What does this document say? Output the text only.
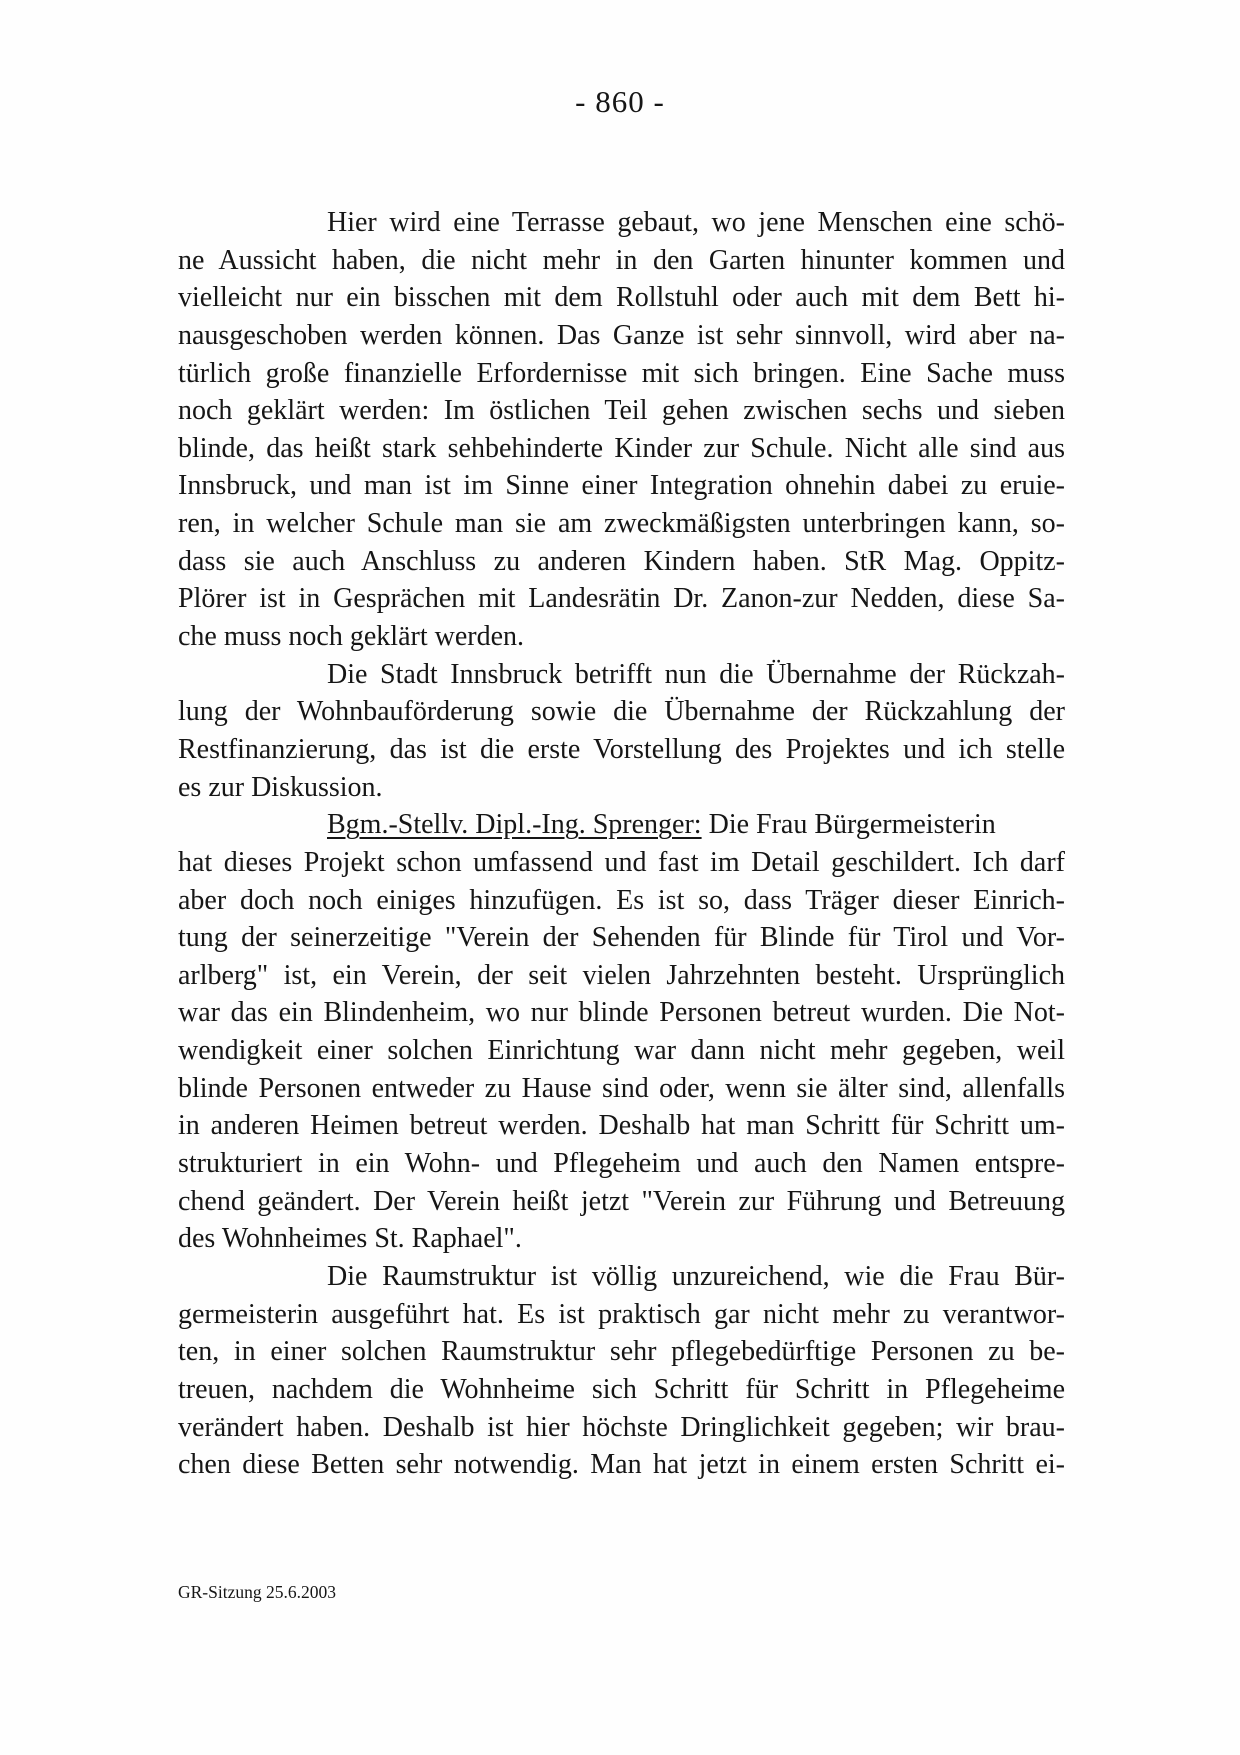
- 860 -
Hier wird eine Terrasse gebaut, wo jene Menschen eine schö-
ne Aussicht haben, die nicht mehr in den Garten hinunter kommen und
vielleicht nur ein bisschen mit dem Rollstuhl oder auch mit dem Bett hi-
nausgeschoben werden können. Das Ganze ist sehr sinnvoll, wird aber na-
türlich große finanzielle Erfordernisse mit sich bringen. Eine Sache muss
noch geklärt werden: Im östlichen Teil gehen zwischen sechs und sieben
blinde, das heißt stark sehbehinderte Kinder zur Schule. Nicht alle sind aus
Innsbruck, und man ist im Sinne einer Integration ohnehin dabei zu eruie-
ren, in welcher Schule man sie am zweckmäßigsten unterbringen kann, so-
dass sie auch Anschluss zu anderen Kindern haben. StR Mag. Oppitz-
Plörer ist in Gesprächen mit Landesrätin Dr. Zanon-zur Nedden, diese Sa-
che muss noch geklärt werden.
Die Stadt Innsbruck betrifft nun die Übernahme der Rückzah-
lung der Wohnbauförderung sowie die Übernahme der Rückzahlung der
Restfinanzierung, das ist die erste Vorstellung des Projektes und ich stelle
es zur Diskussion.
Bgm.-Stellv. Dipl.-Ing. Sprenger: Die Frau Bürgermeisterin
hat dieses Projekt schon umfassend und fast im Detail geschildert. Ich darf
aber doch noch einiges hinzufügen. Es ist so, dass Träger dieser Einrich-
tung der seinerzeitige "Verein der Sehenden für Blinde für Tirol und Vor-
arlberg" ist, ein Verein, der seit vielen Jahrzehnten besteht. Ursprünglich
war das ein Blindenheim, wo nur blinde Personen betreut wurden. Die Not-
wendigkeit einer solchen Einrichtung war dann nicht mehr gegeben, weil
blinde Personen entweder zu Hause sind oder, wenn sie älter sind, allenfalls
in anderen Heimen betreut werden. Deshalb hat man Schritt für Schritt um-
strukturiert in ein Wohn- und Pflegeheim und auch den Namen entspre-
chend geändert. Der Verein heißt jetzt "Verein zur Führung und Betreuung
des Wohnheimes St. Raphael".
Die Raumstruktur ist völlig unzureichend, wie die Frau Bür-
germeisterin ausgeführt hat. Es ist praktisch gar nicht mehr zu verantwor-
ten, in einer solchen Raumstruktur sehr pflegebedürftige Personen zu be-
treuen, nachdem die Wohnheime sich Schritt für Schritt in Pflegeheime
verändert haben. Deshalb ist hier höchste Dringlichkeit gegeben; wir brau-
chen diese Betten sehr notwendig. Man hat jetzt in einem ersten Schritt ei-
GR-Sitzung 25.6.2003
